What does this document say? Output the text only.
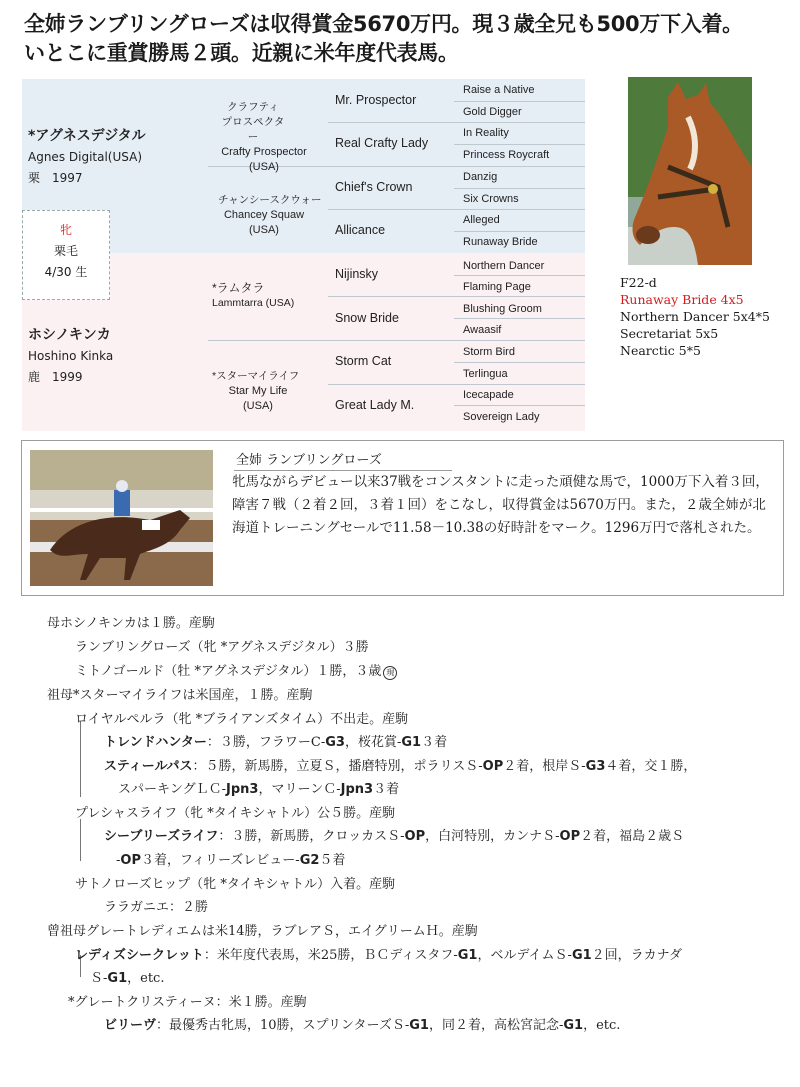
全姉ランブリングローズは収得賞金5670万円。現３歳全兄も500万下入着。
いとこに重賞勝馬２頭。近親に米年度代表馬。
*アグネスデジタル
Agnes Digital(USA)
栗　1997
ホシノキンカ
Hoshino Kinka
鹿　1999
牝
栗毛
4/30 生
クラフティ
プロスペクター
Crafty Prospector
(USA)
チャンシースクウォー
Chancey Squaw
(USA)
*ラムタラ
Lammtarra (USA)
*スターマイライフ
Star My Life
(USA)
Mr. Prospector
Real Crafty Lady
Chief's Crown
Allicance
Nijinsky
Snow Bride
Storm Cat
Great Lady M.
Raise a Native
Gold Digger
In Reality
Princess Roycraft
Danzig
Six Crowns
Alleged
Runaway Bride
Northern Dancer
Flaming Page
Blushing Groom
Awaasif
Storm Bird
Terlingua
Icecapade
Sovereign Lady
F22-d
Runaway Bride 4x5
Northern Dancer 5x4*5
Secretariat 5x5
Nearctic 5*5
全姉 ランブリングローズ
牝馬ながらデビュー以来37戦をコンスタントに走った頑健な馬で，1000万下入着３回，障害７戦（２着２回，３着１回）をこなし，収得賞金は5670万円。また，２歳全姉が北海道トレーニングセールで11.58－10.38の好時計をマーク。1296万円で落札された。
母ホシノキンカは１勝。産駒
ランブリングローズ（牝 *アグネスデジタル）３勝
ミトノゴールド（牡 *アグネスデジタル）１勝，３歳 現
祖母*スターマイライフは米国産，１勝。産駒
ロイヤルペルラ（牝 *ブライアンズタイム）不出走。産駒
トレンドハンター：３勝，フラワーC-G3，桜花賞-G1３着
スティールパス：５勝，新馬勝，立夏Ｓ，播磨特別，ポラリスＳ-OP２着，根岸Ｓ-G3４着，交１勝，
スパーキングＬＣ-Jpn3，マリーンＣ-Jpn3３着
プレシャスライフ（牝 *タイキシャトル）公５勝。産駒
シーブリーズライフ：３勝，新馬勝，クロッカスＳ-OP，白河特別，カンナＳ-OP２着，福島２歳Ｓ
-OP３着，フィリーズレビュー-G2５着
サトノローズヒップ（牝 *タイキシャトル）入着。産駒
ララガニエ：２勝
曾祖母グレートレディエムは米14勝，ラブレアＳ，エイグリームＨ。産駒
レディズシークレット：米年度代表馬，米25勝，ＢＣディスタフ-G1，ベルデイムＳ-G1２回，ラカナダ
Ｓ-G1，etc.
*グレートクリスティーヌ：米１勝。産駒
ビリーヴ：最優秀古牝馬，10勝，スプリンターズＳ-G1，同２着，高松宮記念-G1，etc.
